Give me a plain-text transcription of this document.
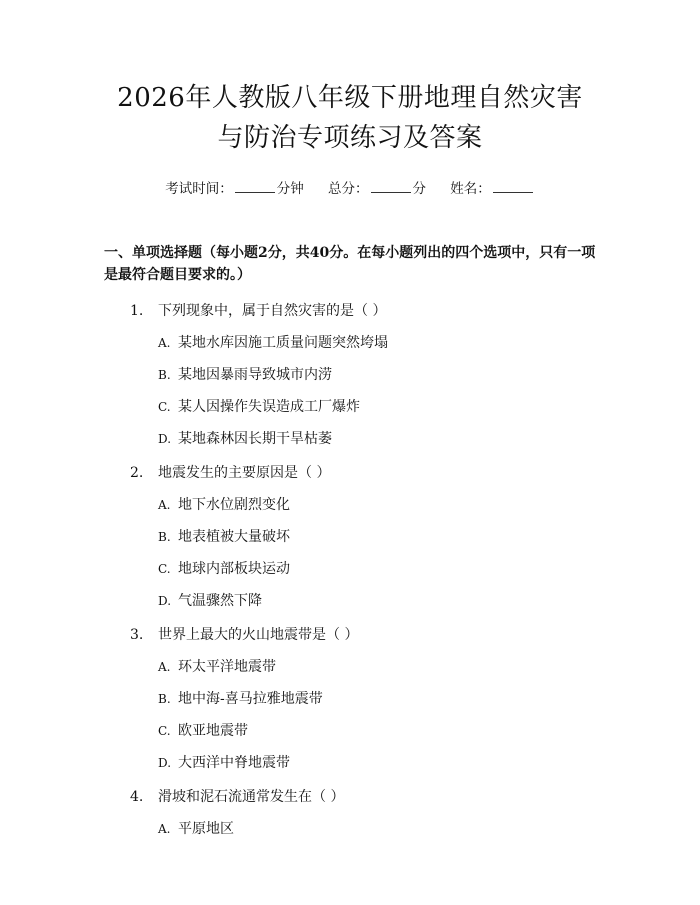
2026年人教版八年级下册地理自然灾害与防治专项练习及答案
考试时间：	分钟 总分：	分 姓名：
一、单项选择题（每小题2分，共40分。在每小题列出的四个选项中，只有一项是最符合题目要求的。）
1.	下列现象中，属于自然灾害的是（ ）
A. 某地水库因施工质量问题突然垮塌
B. 某地因暴雨导致城市内涝
C. 某人因操作失误造成工厂爆炸
D. 某地森林因长期干旱枯萎
2.	地震发生的主要原因是（ ）
A. 地下水位剧烈变化
B. 地表植被大量破坏
C. 地球内部板块运动
D. 气温骤然下降
3.	世界上最大的火山地震带是（ ）
A. 环太平洋地震带
B. 地中海-喜马拉雅地震带
C. 欧亚地震带
D. 大西洋中脊地震带
4.	滑坡和泥石流通常发生在（ ）
A. 平原地区
